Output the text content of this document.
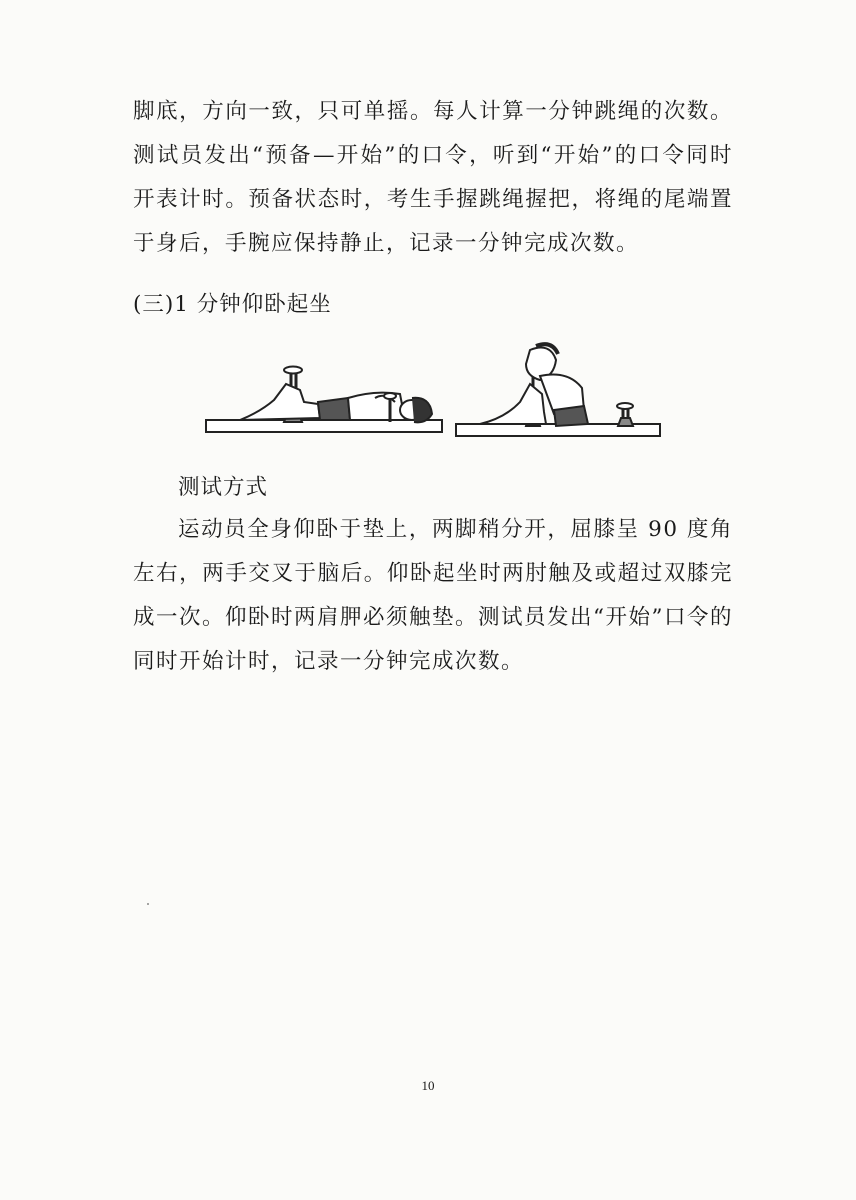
脚底，方向一致，只可单摇。每人计算一分钟跳绳的次数。测试员发出“预备—开始”的口令，听到“开始”的口令同时开表计时。预备状态时，考生手握跳绳握把，将绳的尾端置于身后，手腕应保持静止，记录一分钟完成次数。

(三)1 分钟仰卧起坐

测试方式

运动员全身仰卧于垫上，两脚稍分开，屈膝呈 90 度角左右，两手交叉于脑后。仰卧起坐时两肘触及或超过双膝完成一次。仰卧时两肩胛必须触垫。测试员发出“开始”口令的同时开始计时，记录一分钟完成次数。

10
